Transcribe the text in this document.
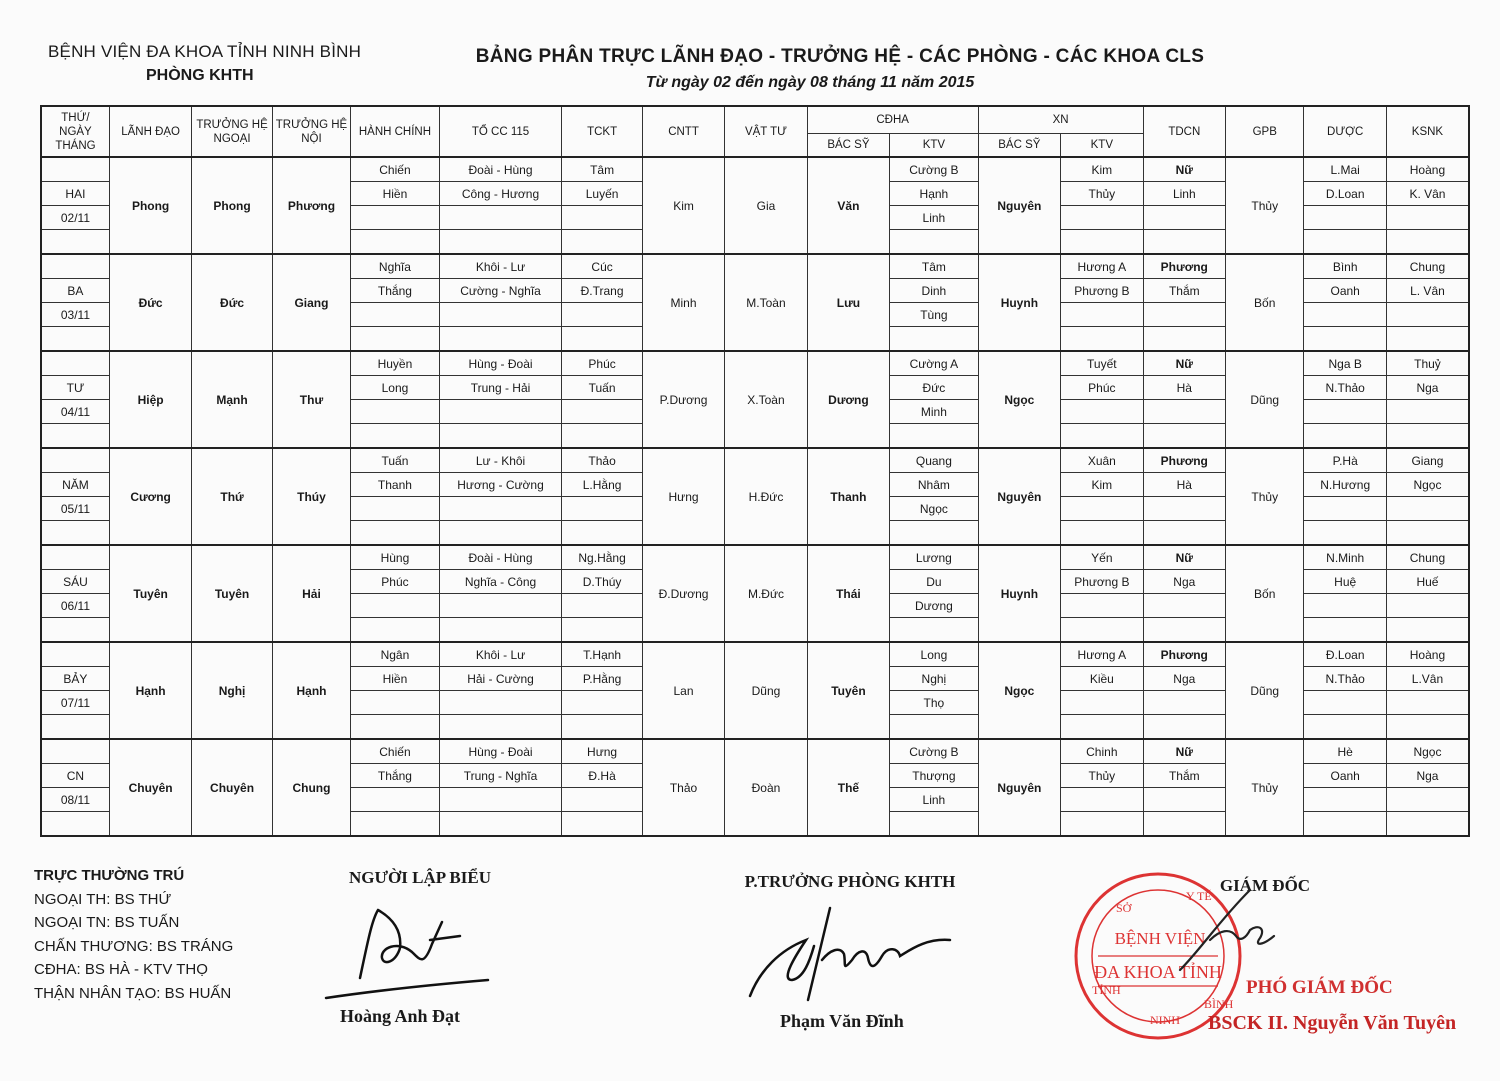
BỆNH VIỆN ĐA KHOA TỈNH NINH BÌNH
PHÒNG KHTH
BẢNG PHÂN TRỰC LÃNH ĐẠO - TRƯỞNG HỆ - CÁC PHÒNG - CÁC KHOA CLS
Từ ngày 02 đến ngày 08 tháng 11 năm 2015
THỨ/ NGÀY THÁNG	LÃNH ĐẠO	TRƯỞNG HỆ NGOẠI	TRƯỞNG HỆ NỘI	HÀNH CHÍNH	TỔ CC 115	TCKT	CNTT	VẬT TƯ	CĐHA		XN		TDCN	GPB	DƯỢC	KSNK
									BÁC SỸ	KTV	BÁC SỸ	KTV				
	Phong	Phong	Phương	Chiến	Đoài - Hùng	Tâm	Kim	Gia	Văn	Cường B	Nguyên	Kim	Nữ	Thủy	L.Mai	Hoàng
HAI				Hiền	Công - Hương	Luyến				Hạnh		Thủy	Linh		D.Loan	K. Vân
02/11										Linh						

	Đức	Đức	Giang	Nghĩa	Khôi - Lư	Cúc	Minh	M.Toàn	Lưu	Tâm	Huynh	Hương A	Phương	Bốn	Bình	Chung
BA				Thắng	Cường - Nghĩa	Đ.Trang				Dinh		Phương B	Thắm		Oanh	L. Vân
03/11										Tùng						

	Hiệp	Mạnh	Thư	Huyền	Hùng - Đoài	Phúc	P.Dương	X.Toàn	Dương	Cường A	Ngọc	Tuyết	Nữ	Dũng	Nga B	Thuỷ
TƯ				Long	Trung - Hải	Tuấn				Đức		Phúc	Hà		N.Thảo	Nga
04/11										Minh						

	Cương	Thứ	Thúy	Tuấn	Lư - Khôi	Thảo	Hưng	H.Đức	Thanh	Quang	Nguyên	Xuân	Phương	Thủy	P.Hà	Giang
NĂM				Thanh	Hương - Cường	L.Hằng				Nhâm		Kim	Hà		N.Hương	Ngọc
05/11										Ngọc						

	Tuyên	Tuyên	Hải	Hùng	Đoài - Hùng	Ng.Hằng	Đ.Dương	M.Đức	Thái	Lương	Huynh	Yến	Nữ	Bốn	N.Minh	Chung
SÁU				Phúc	Nghĩa - Công	D.Thúy				Du		Phương B	Nga		Huệ	Huế
06/11										Dương						

	Hạnh	Nghị	Hạnh	Ngân	Khôi - Lư	T.Hạnh	Lan	Dũng	Tuyên	Long	Ngọc	Hương A	Phương	Dũng	Đ.Loan	Hoàng
BẢY				Hiền	Hải - Cường	P.Hằng				Nghị		Kiều	Nga		N.Thảo	L.Vân
07/11										Thọ						

	Chuyên	Chuyên	Chung	Chiến	Hùng - Đoài	Hưng	Thảo	Đoàn	Thế	Cường B	Nguyên	Chinh	Nữ	Thủy	Hè	Ngọc
CN				Thắng	Trung - Nghĩa	Đ.Hà				Thượng		Thủy	Thắm		Oanh	Nga
08/11										Linh						

TRỰC THƯỜNG TRÚ
NGOẠI TH: BS THỨ
NGOẠI TN: BS TUẤN
CHẤN THƯƠNG: BS TRÁNG
CĐHA: BS HÀ - KTV THỌ
THẬN NHÂN TẠO: BS HUẤN
NGƯỜI LẬP BIỂU	P.TRƯỞNG PHÒNG KHTH
Hoàng Anh Đạt	Phạm Văn Đĩnh
BỆNH VIỆN
ĐA KHOA TỈNH
SỞ
Y TẾ
NINH
TỈNH
BÌNH
GIÁM ĐỐC
PHÓ GIÁM ĐỐC
BSCK II. Nguyễn Văn Tuyên
